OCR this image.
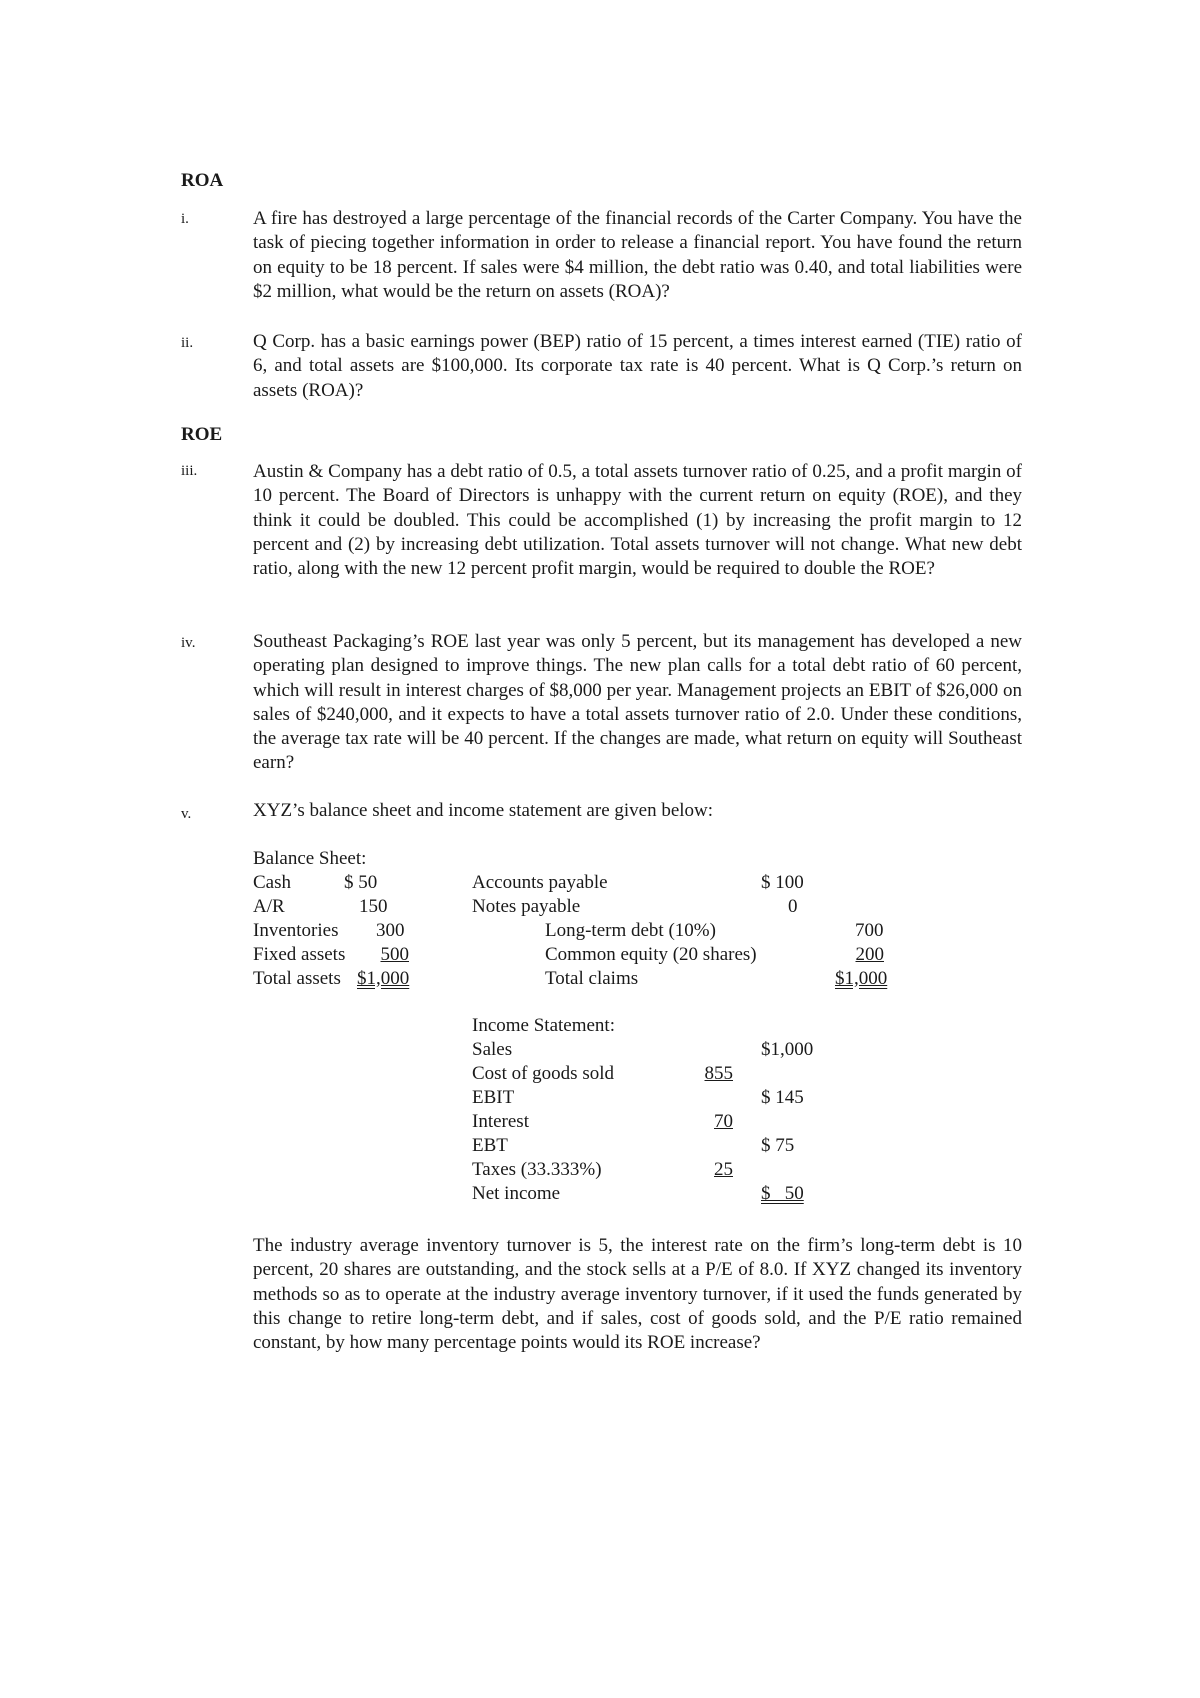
ROA
i.	A fire has destroyed a large percentage of the financial records of the Carter Company. You have the task of piecing together information in order to release a financial report. You have found the return on equity to be 18 percent. If sales were $4 million, the debt ratio was 0.40, and total liabilities were $2 million, what would be the return on assets (ROA)?

ii.	Q Corp. has a basic earnings power (BEP) ratio of 15 percent, a times interest earned (TIE) ratio of 6, and total assets are $100,000. Its corporate tax rate is 40 percent. What is Q Corp.’s return on assets (ROA)?

ROE
iii.	Austin & Company has a debt ratio of 0.5, a total assets turnover ratio of 0.25, and a profit margin of 10 percent. The Board of Directors is unhappy with the current return on equity (ROE), and they think it could be doubled. This could be accomplished (1) by increasing the profit margin to 12 percent and (2) by increasing debt utilization. Total assets turnover will not change. What new debt ratio, along with the new 12 percent profit margin, would be required to double the ROE?

iv.	Southeast Packaging’s ROE last year was only 5 percent, but its management has developed a new operating plan designed to improve things. The new plan calls for a total debt ratio of 60 percent, which will result in interest charges of $8,000 per year. Management projects an EBIT of $26,000 on sales of $240,000, and it expects to have a total assets turnover ratio of 2.0. Under these conditions, the average tax rate will be 40 percent. If the changes are made, what return on equity will Southeast earn?

v.	XYZ’s balance sheet and income statement are given below:
Balance Sheet:
Cash	$ 50
A/R	150
Inventories 300
Fixed assets	500
Total assets $1,000
Accounts payable	$ 100
Notes payable	0
Long-term debt (10%)	700
Common equity (20 shares)	200
Total claims	$1,000
Income Statement:
Sales	$1,000
Cost of goods sold	855
EBIT	$ 145
Interest	70
EBT	$ 75
Taxes (33.333%)	25
Net income	$   50

The industry average inventory turnover is 5, the interest rate on the firm’s long-term debt is 10 percent, 20 shares are outstanding, and the stock sells at a P/E of 8.0. If XYZ changed its inventory methods so as to operate at the industry average inventory turnover, if it used the funds generated by this change to retire long-term debt, and if sales, cost of goods sold, and the P/E ratio remained constant, by how many percentage points would its ROE increase?
